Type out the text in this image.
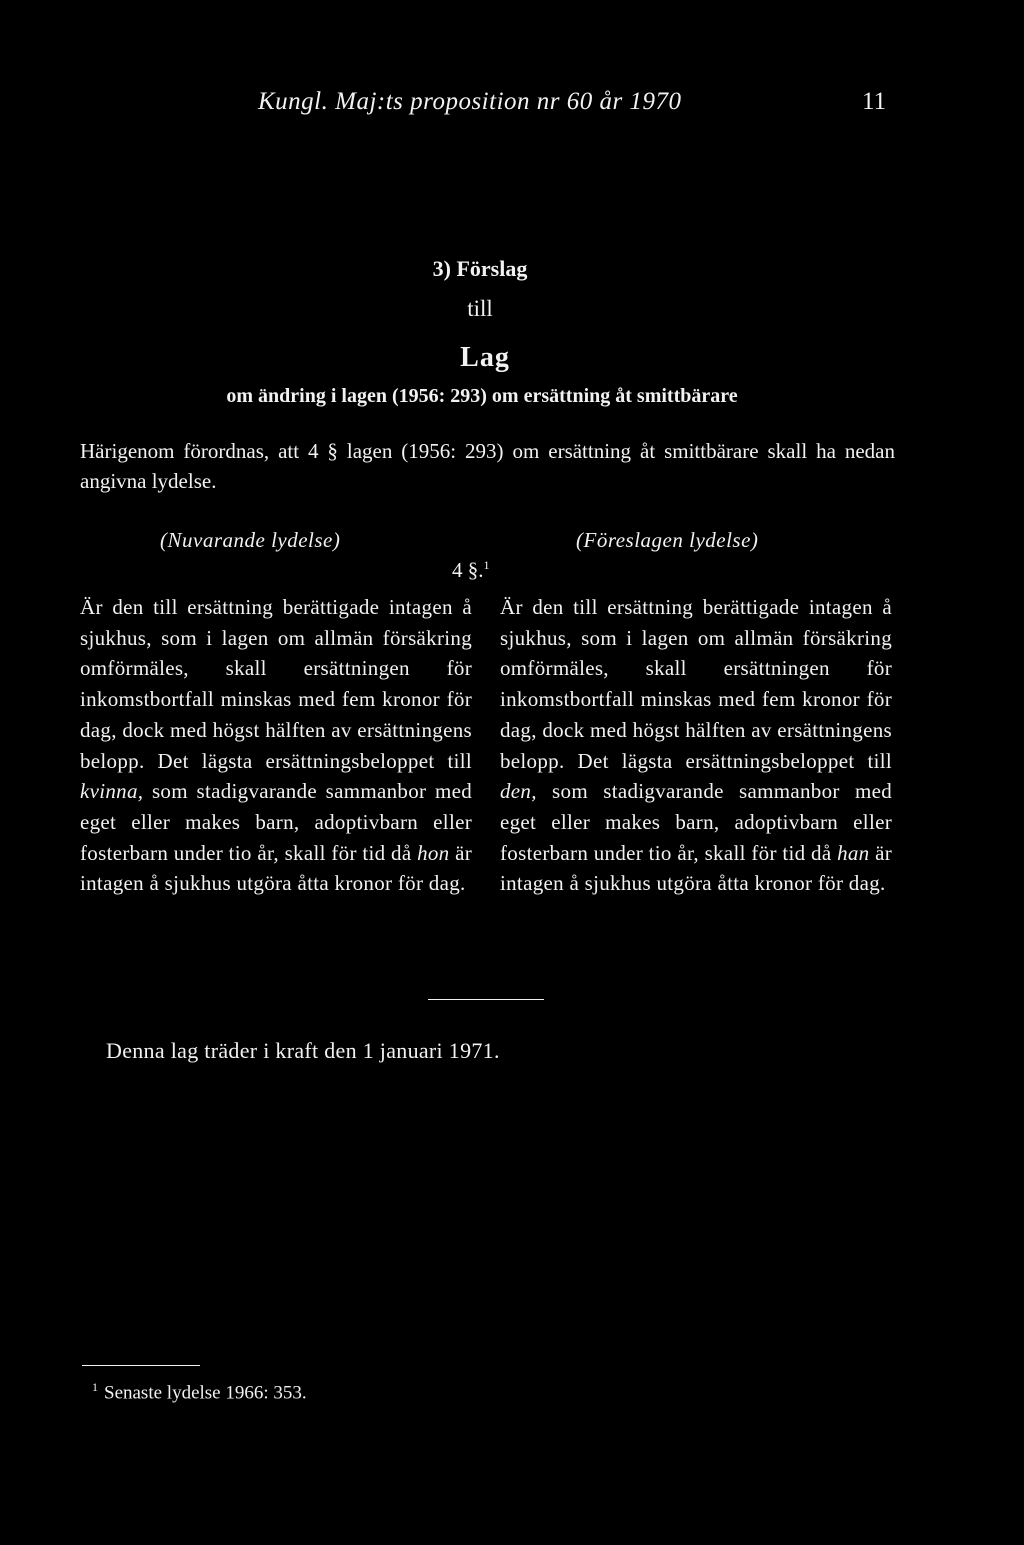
Kungl. Maj:ts proposition nr 60 år 1970	11
3) Förslag
till
Lag
om ändring i lagen (1956: 293) om ersättning åt smittbärare
Härigenom förordnas, att 4 § lagen (1956: 293) om ersättning åt smittbärare skall ha nedan angivna lydelse.
(Nuvarande lydelse)	(Föreslagen lydelse)
4 §.$^1$
Är den till ersättning berättigade intagen å sjukhus, som i lagen om allmän försäkring omförmäles, skall ersättningen för inkomstbortfall minskas med fem kronor för dag, dock med högst hälften av ersättningens belopp. Det lägsta ersättningsbeloppet till kvinna, som stadigvarande sammanbor med eget eller makes barn, adoptivbarn eller fosterbarn under tio år, skall för tid då hon är intagen å sjukhus utgöra åtta kronor för dag.
Är den till ersättning berättigade intagen å sjukhus, som i lagen om allmän försäkring omförmäles, skall ersättningen för inkomstbortfall minskas med fem kronor för dag, dock med högst hälften av ersättningens belopp. Det lägsta ersättningsbeloppet till den, som stadigvarande sammanbor med eget eller makes barn, adoptivbarn eller fosterbarn under tio år, skall för tid då han är intagen å sjukhus utgöra åtta kronor för dag.
Denna lag träder i kraft den 1 januari 1971.
$^1$ Senaste lydelse 1966: 353.
